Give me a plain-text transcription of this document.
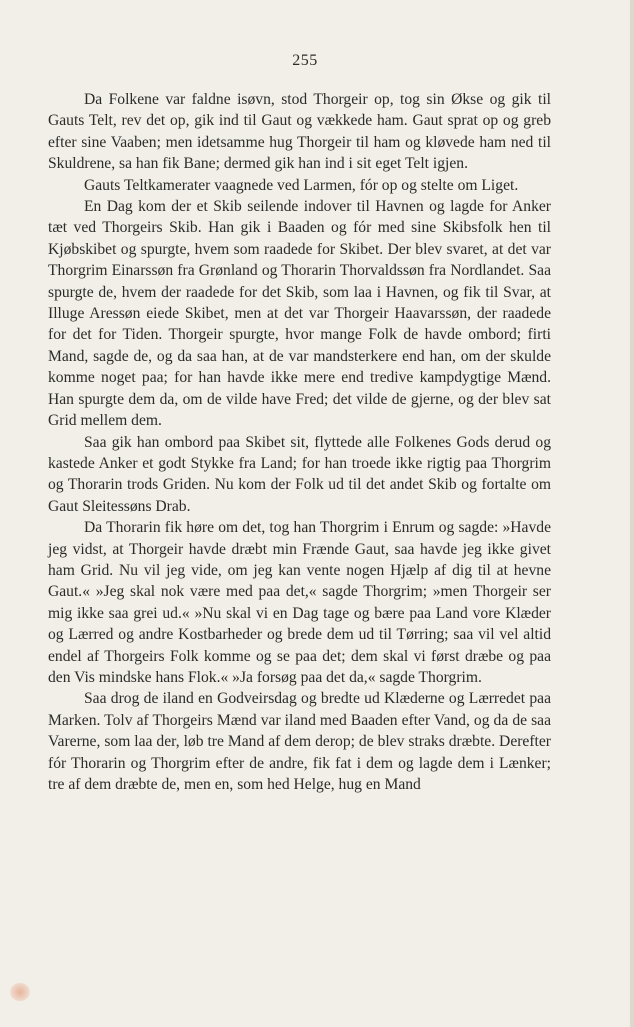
255

Da Folkene var faldne isøvn, stod Thorgeir op, tog sin Økse og gik til Gauts Telt, rev det op, gik ind til Gaut og vækkede ham. Gaut sprat op og greb efter sine Vaaben; men idetsamme hug Thorgeir til ham og kløvede ham ned til Skuldrene, sa han fik Bane; dermed gik han ind i sit eget Telt igjen.

Gauts Teltkamerater vaagnede ved Larmen, fór op og stelte om Liget.

En Dag kom der et Skib seilende indover til Havnen og lagde for Anker tæt ved Thorgeirs Skib. Han gik i Baaden og fór med sine Skibsfolk hen til Kjøbskibet og spurgte, hvem som raadede for Skibet. Der blev svaret, at det var Thorgrim Einarssøn fra Grønland og Thorarin Thorvaldssøn fra Nordlandet. Saa spurgte de, hvem der raadede for det Skib, som laa i Havnen, og fik til Svar, at Illuge Aressøn eiede Skibet, men at det var Thorgeir Haavarssøn, der raadede for det for Tiden. Thorgeir spurgte, hvor mange Folk de havde ombord; firti Mand, sagde de, og da saa han, at de var mandsterkere end han, om der skulde komme noget paa; for han havde ikke mere end tredive kampdygtige Mænd. Han spurgte dem da, om de vilde have Fred; det vilde de gjerne, og der blev sat Grid mellem dem.

Saa gik han ombord paa Skibet sit, flyttede alle Folkenes Gods derud og kastede Anker et godt Stykke fra Land; for han troede ikke rigtig paa Thorgrim og Thorarin trods Griden. Nu kom der Folk ud til det andet Skib og fortalte om Gaut Sleitessøns Drab.

Da Thorarin fik høre om det, tog han Thorgrim i Enrum og sagde: »Havde jeg vidst, at Thorgeir havde dræbt min Frænde Gaut, saa havde jeg ikke givet ham Grid. Nu vil jeg vide, om jeg kan vente nogen Hjælp af dig til at hevne Gaut.« »Jeg skal nok være med paa det,« sagde Thorgrim; »men Thorgeir ser mig ikke saa grei ud.« »Nu skal vi en Dag tage og bære paa Land vore Klæder og Lærred og andre Kostbarheder og brede dem ud til Tørring; saa vil vel altid endel af Thorgeirs Folk komme og se paa det; dem skal vi først dræbe og paa den Vis mindske hans Flok.« »Ja forsøg paa det da,« sagde Thorgrim.

Saa drog de iland en Godveirsdag og bredte ud Klæderne og Lærredet paa Marken. Tolv af Thorgeirs Mænd var iland med Baaden efter Vand, og da de saa Varerne, som laa der, løb tre Mand af dem derop; de blev straks dræbte. Derefter fór Thorarin og Thorgrim efter de andre, fik fat i dem og lagde dem i Lænker; tre af dem dræbte de, men en, som hed Helge, hug en Mand
